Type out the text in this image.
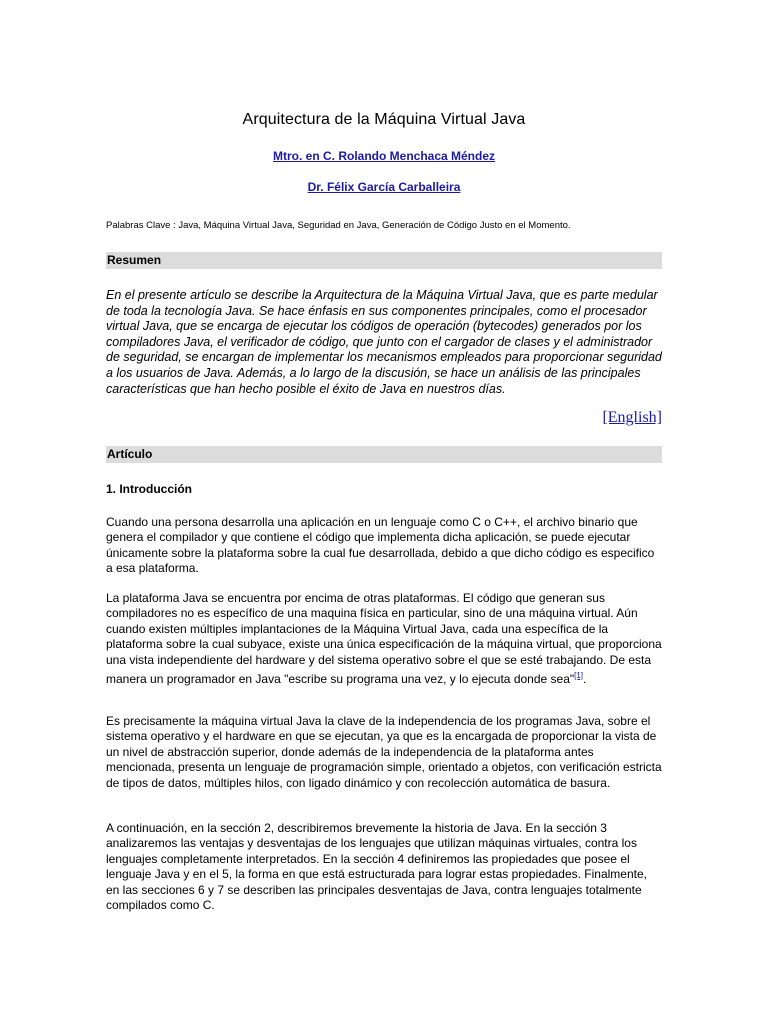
Arquitectura de la Máquina Virtual Java
Mtro. en C. Rolando Menchaca Méndez
Dr. Félix García Carballeira
Palabras Clave : Java, Máquina Virtual Java, Seguridad en Java, Generación de Código Justo en el Momento.
Resumen

En el presente artículo se describe la Arquitectura de la Máquina Virtual Java, que es parte medular de toda la tecnología Java. Se hace énfasis en sus componentes principales, como el procesador virtual Java, que se encarga de ejecutar los códigos de operación (bytecodes) generados por los compiladores Java, el verificador de código, que junto con el cargador de clases y el administrador de seguridad, se encargan de implementar los mecanismos empleados para proporcionar seguridad a los usuarios de Java. Además, a lo largo de la discusión, se hace un análisis de las principales características que han hecho posible el éxito de Java en nuestros días.

[English]
Artículo
1. Introducción

Cuando una persona desarrolla una aplicación en un lenguaje como C o C++, el archivo binario que genera el compilador y que contiene el código que implementa dicha aplicación, se puede ejecutar únicamente sobre la plataforma sobre la cual fue desarrollada, debido a que dicho código es especifico a esa plataforma.

La plataforma Java se encuentra por encima de otras plataformas. El código que generan sus compiladores no es específico de una maquina física en particular, sino de una máquina virtual. Aún cuando existen múltiples implantaciones de la Máquina Virtual Java, cada una específica de la plataforma sobre la cual subyace, existe una única especificación de la máquina virtual, que proporciona una vista independiente del hardware y del sistema operativo sobre el que se esté trabajando. De esta manera un programador en Java "escribe su programa una vez, y lo ejecuta donde sea"[1].

Es precisamente la máquina virtual Java la clave de la independencia de los programas Java, sobre el sistema operativo y el hardware en que se ejecutan, ya que es la encargada de proporcionar la vista de un nivel de abstracción superior, donde además de la independencia de la plataforma antes mencionada, presenta un lenguaje de programación simple, orientado a objetos, con verificación estricta de tipos de datos, múltiples hilos, con ligado dinámico y con recolección automática de basura.

A continuación, en la sección 2, describiremos brevemente la historia de Java. En la sección 3 analizaremos las ventajas y desventajas de los lenguajes que utilizan máquinas virtuales, contra los lenguajes completamente interpretados. En la sección 4 definiremos las propiedades que posee el lenguaje Java y en el 5, la forma en que está estructurada para lograr estas propiedades. Finalmente, en las secciones 6 y 7 se describen las principales desventajas de Java, contra lenguajes totalmente compilados como C.
